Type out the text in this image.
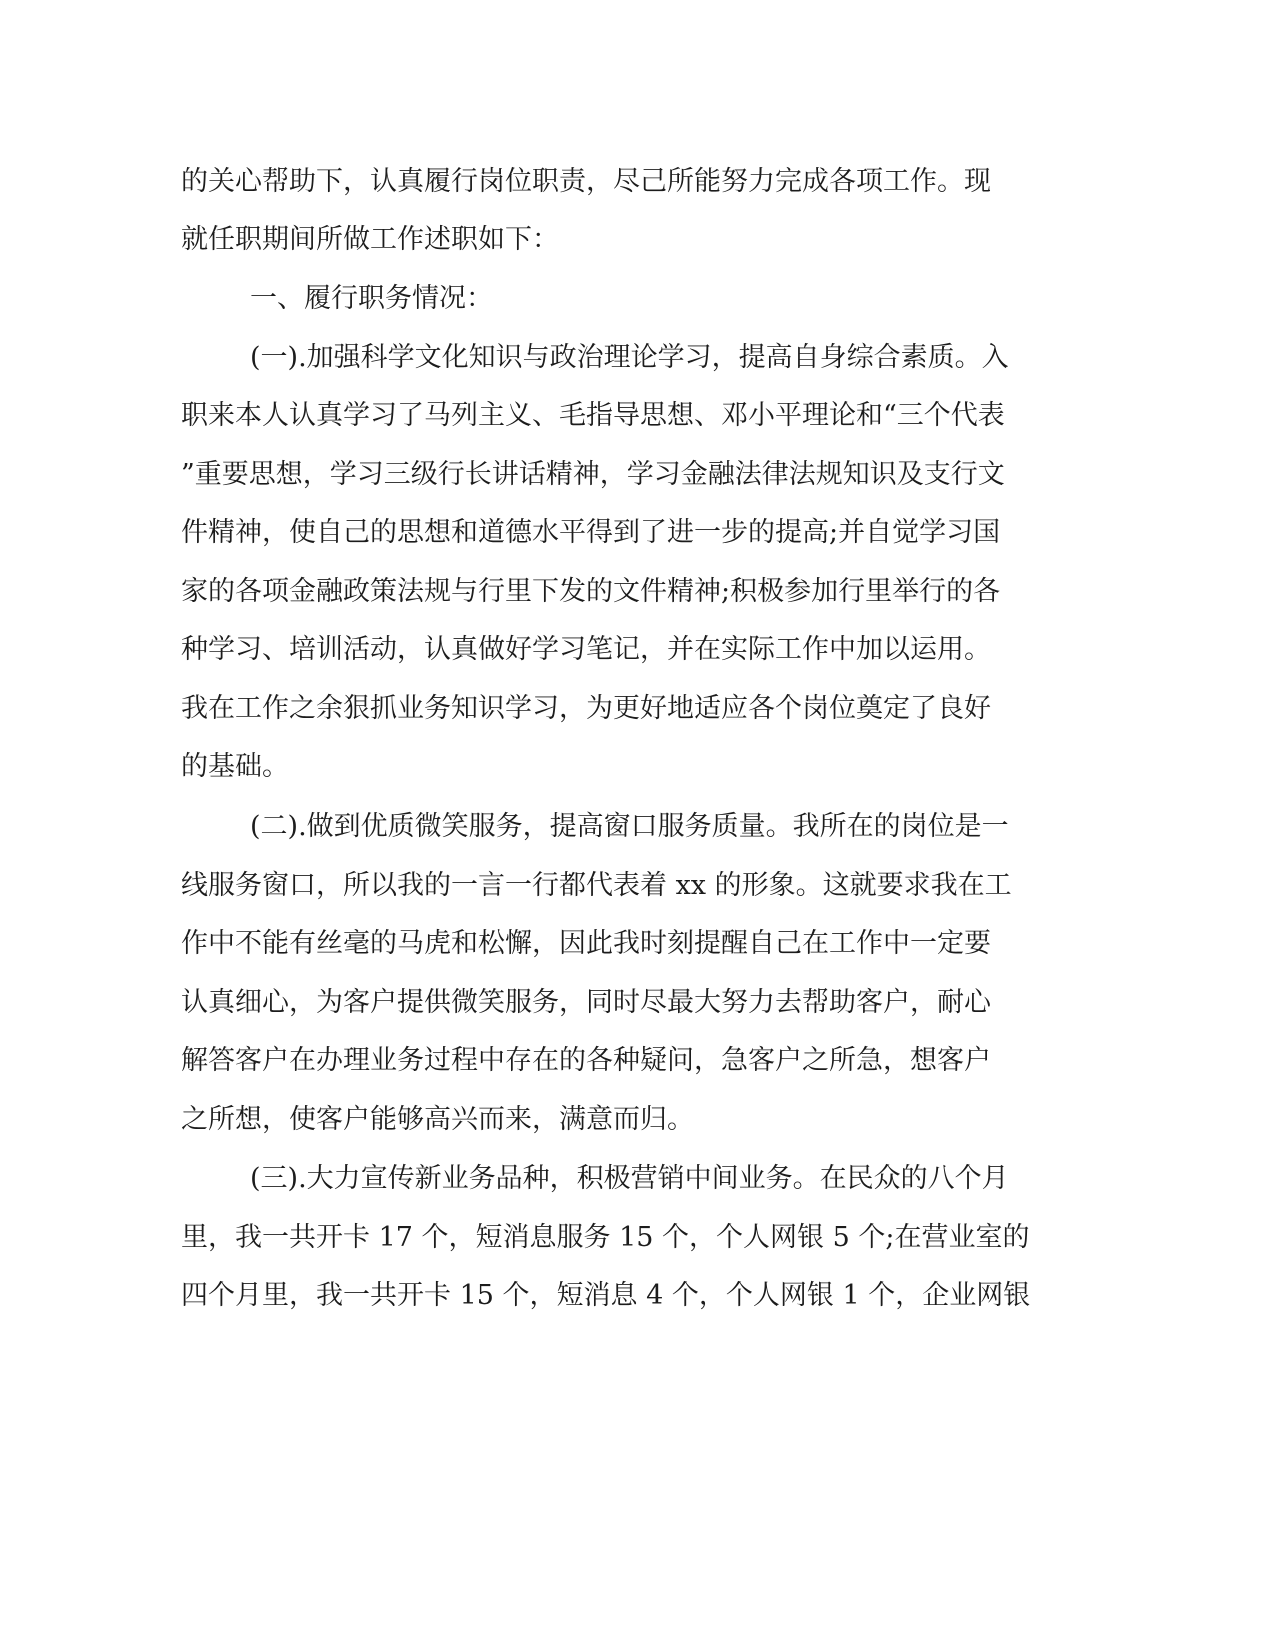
的关心帮助下，认真履行岗位职责，尽己所能努力完成各项工作。现
就任职期间所做工作述职如下：
一、履行职务情况：
(一).加强科学文化知识与政治理论学习，提高自身综合素质。入
职来本人认真学习了马列主义、毛指导思想、邓小平理论和“三个代表
”重要思想，学习三级行长讲话精神，学习金融法律法规知识及支行文
件精神，使自己的思想和道德水平得到了进一步的提高;并自觉学习国
家的各项金融政策法规与行里下发的文件精神;积极参加行里举行的各
种学习、培训活动，认真做好学习笔记，并在实际工作中加以运用。
我在工作之余狠抓业务知识学习，为更好地适应各个岗位奠定了良好
的基础。
(二).做到优质微笑服务，提高窗口服务质量。我所在的岗位是一
线服务窗口，所以我的一言一行都代表着 xx 的形象。这就要求我在工
作中不能有丝毫的马虎和松懈，因此我时刻提醒自己在工作中一定要
认真细心，为客户提供微笑服务，同时尽最大努力去帮助客户，耐心
解答客户在办理业务过程中存在的各种疑问，急客户之所急，想客户
之所想，使客户能够高兴而来，满意而归。
(三).大力宣传新业务品种，积极营销中间业务。在民众的八个月
里，我一共开卡 17 个，短消息服务 15 个，个人网银 5 个;在营业室的
四个月里，我一共开卡 15 个，短消息 4 个，个人网银 1 个，企业网银
